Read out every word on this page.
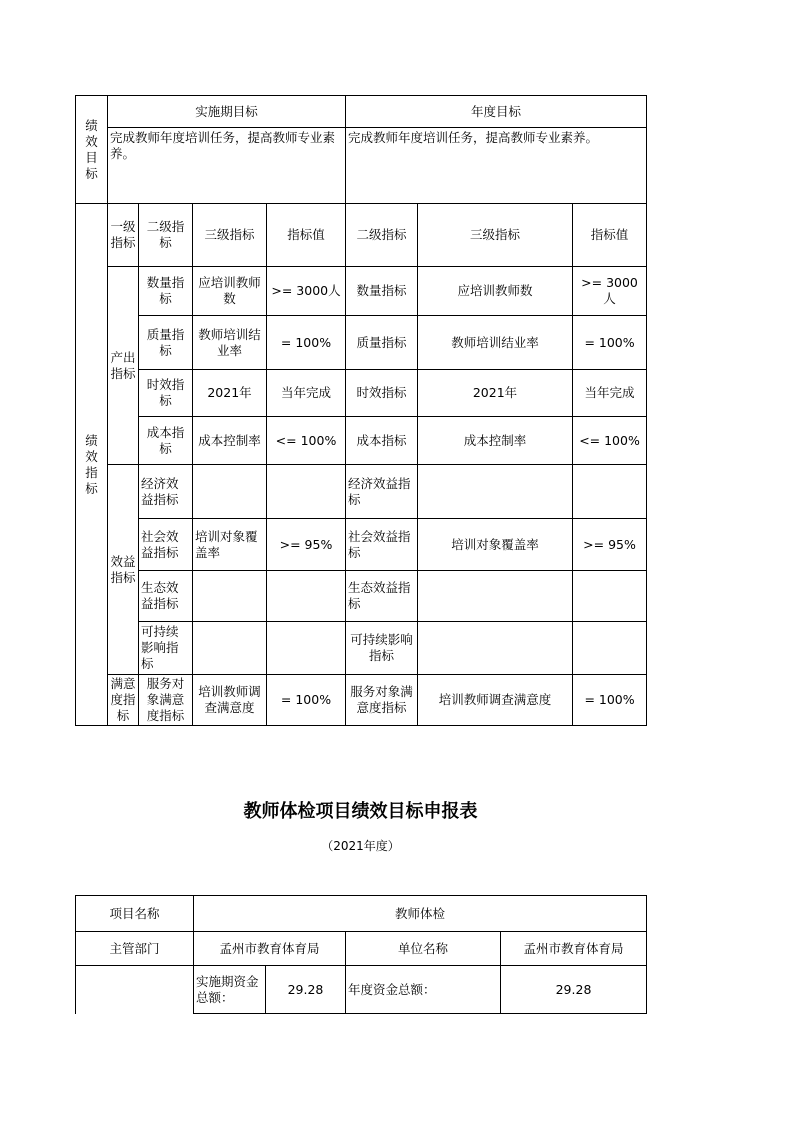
绩效目标	实施期目标				年度目标		
	完成教师年度培训任务，提高教师专业素养。				完成教师年度培训任务，提高教师专业素养。		
绩效指标	一级指标	二级指标	三级指标	指标值	二级指标	三级指标	指标值
	产出指标	数量指标	应培训教师数	>= 3000人	数量指标	应培训教师数	>= 3000人
		质量指标	教师培训结业率	= 100%	质量指标	教师培训结业率	= 100%
		时效指标	2021年	当年完成	时效指标	2021年	当年完成
		成本指标	成本控制率	<= 100%	成本指标	成本控制率	<= 100%
	效益指标	经济效益指标			经济效益指标		
		社会效益指标	培训对象覆盖率	>= 95%	社会效益指标	培训对象覆盖率	>= 95%
		生态效益指标			生态效益指标		
		可持续影响指标			可持续影响指标		
	满意度指标	服务对象满意度指标	培训教师调查满意度	= 100%	服务对象满意度指标	培训教师调查满意度	= 100%
教师体检项目绩效目标申报表
（2021年度）
项目名称	教师体检			
主管部门	孟州市教育体育局		单位名称	孟州市教育体育局
	实施期资金总额：	29.28	年度资金总额：	29.28
